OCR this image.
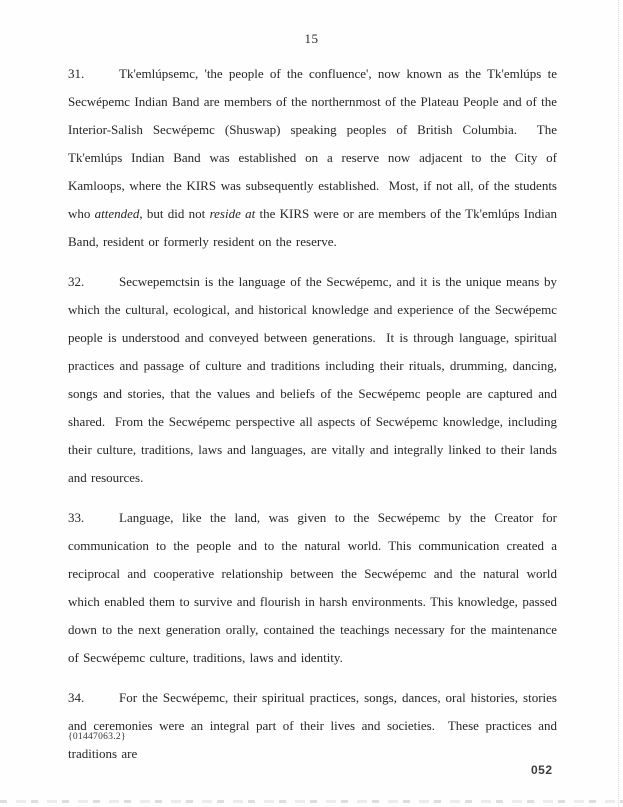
15
31.	Tk'emlúpsemc, 'the people of the confluence', now known as the Tk'emlúps te Secwépemc Indian Band are members of the northernmost of the Plateau People and of the Interior-Salish Secwépemc (Shuswap) speaking peoples of British Columbia.  The Tk'emlúps Indian Band was established on a reserve now adjacent to the City of Kamloops, where the KIRS was subsequently established.  Most, if not all, of the students who attended, but did not reside at the KIRS were or are members of the Tk'emlúps Indian Band, resident or formerly resident on the reserve.
32.	Secwepemctsin is the language of the Secwépemc, and it is the unique means by which the cultural, ecological, and historical knowledge and experience of the Secwépemc people is understood and conveyed between generations.  It is through language, spiritual practices and passage of culture and traditions including their rituals, drumming, dancing, songs and stories, that the values and beliefs of the Secwépemc people are captured and shared.  From the Secwépemc perspective all aspects of Secwépemc knowledge, including their culture, traditions, laws and languages, are vitally and integrally linked to their lands and resources.
33.	Language, like the land, was given to the Secwépemc by the Creator for communication to the people and to the natural world. This communication created a reciprocal and cooperative relationship between the Secwépemc and the natural world which enabled them to survive and flourish in harsh environments. This knowledge, passed down to the next generation orally, contained the teachings necessary for the maintenance of Secwépemc culture, traditions, laws and identity.
34.	For the Secwépemc, their spiritual practices, songs, dances, oral histories, stories and ceremonies were an integral part of their lives and societies.  These practices and traditions are
{01447063.2}
052
